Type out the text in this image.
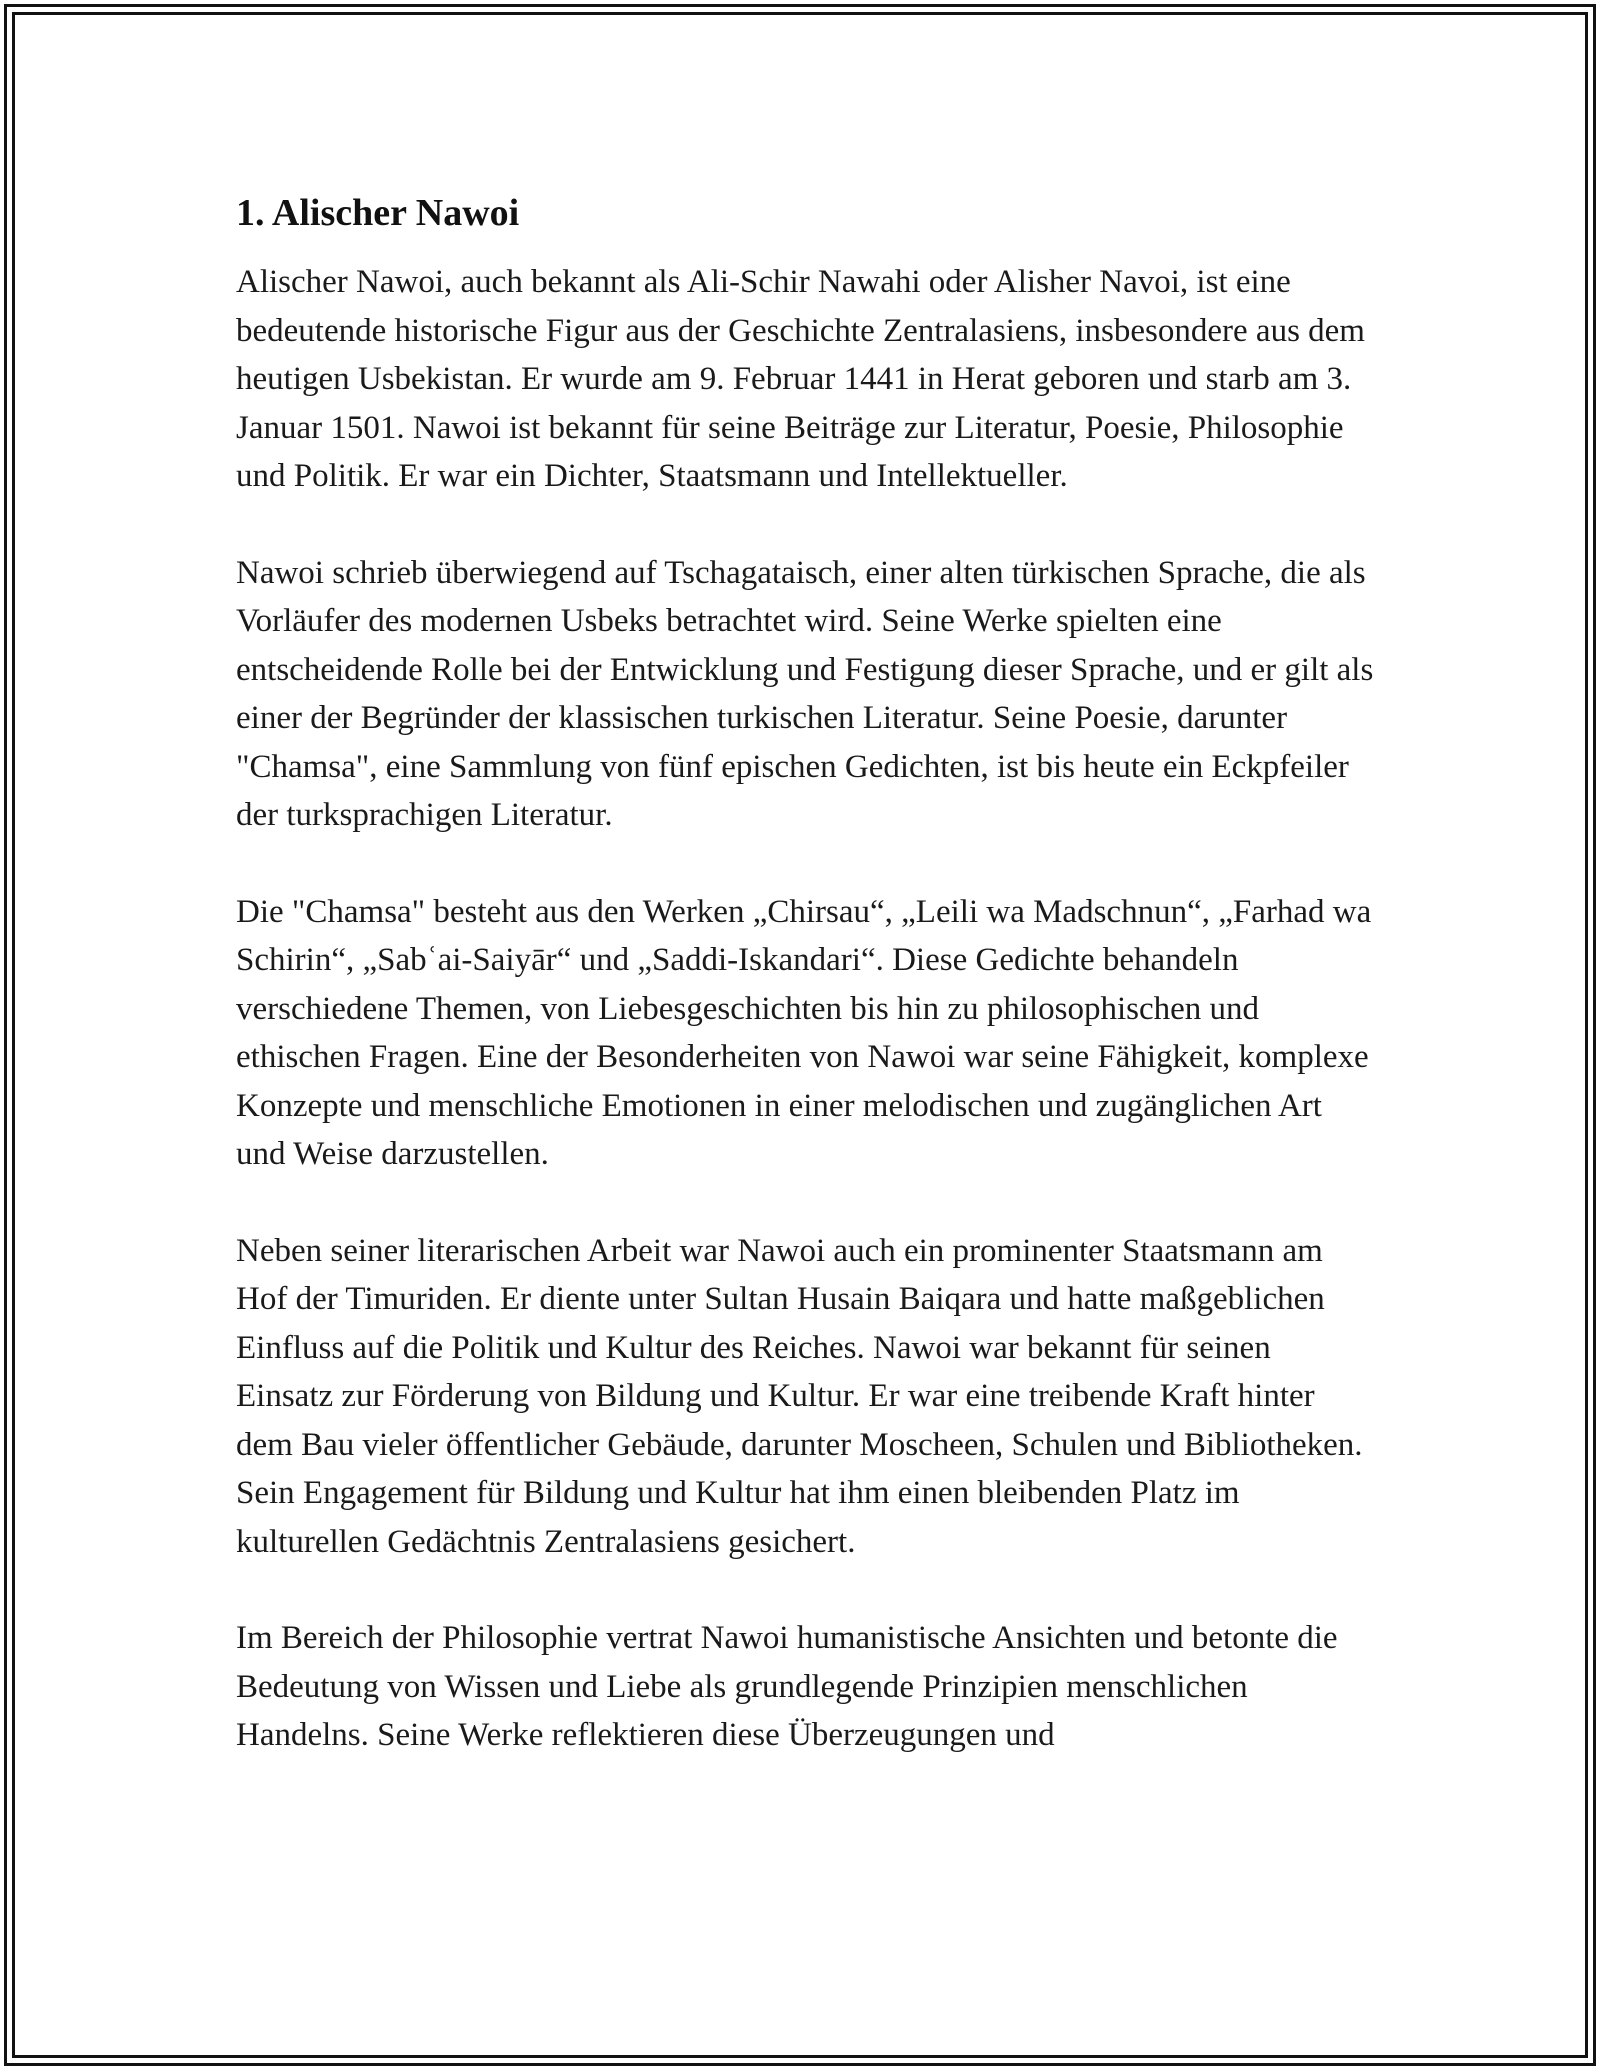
1. Alischer Nawoi

Alischer Nawoi, auch bekannt als Ali-Schir Nawahi oder Alisher Navoi, ist eine bedeutende historische Figur aus der Geschichte Zentralasiens, insbesondere aus dem heutigen Usbekistan. Er wurde am 9. Februar 1441 in Herat geboren und starb am 3. Januar 1501. Nawoi ist bekannt für seine Beiträge zur Literatur, Poesie, Philosophie und Politik. Er war ein Dichter, Staatsmann und Intellektueller.

Nawoi schrieb überwiegend auf Tschagataisch, einer alten türkischen Sprache, die als Vorläufer des modernen Usbeks betrachtet wird. Seine Werke spielten eine entscheidende Rolle bei der Entwicklung und Festigung dieser Sprache, und er gilt als einer der Begründer der klassischen turkischen Literatur. Seine Poesie, darunter "Chamsa", eine Sammlung von fünf epischen Gedichten, ist bis heute ein Eckpfeiler der turksprachigen Literatur.

Die "Chamsa" besteht aus den Werken „Chirsau“, „Leili wa Madschnun“, „Farhad wa Schirin“, „Sabʿai-Saiyār“ und „Saddi-Iskandari“. Diese Gedichte behandeln verschiedene Themen, von Liebesgeschichten bis hin zu philosophischen und ethischen Fragen. Eine der Besonderheiten von Nawoi war seine Fähigkeit, komplexe Konzepte und menschliche Emotionen in einer melodischen und zugänglichen Art und Weise darzustellen.

Neben seiner literarischen Arbeit war Nawoi auch ein prominenter Staatsmann am Hof der Timuriden. Er diente unter Sultan Husain Baiqara und hatte maßgeblichen Einfluss auf die Politik und Kultur des Reiches. Nawoi war bekannt für seinen Einsatz zur Förderung von Bildung und Kultur. Er war eine treibende Kraft hinter dem Bau vieler öffentlicher Gebäude, darunter Moscheen, Schulen und Bibliotheken. Sein Engagement für Bildung und Kultur hat ihm einen bleibenden Platz im kulturellen Gedächtnis Zentralasiens gesichert.

Im Bereich der Philosophie vertrat Nawoi humanistische Ansichten und betonte die Bedeutung von Wissen und Liebe als grundlegende Prinzipien menschlichen Handelns. Seine Werke reflektieren diese Überzeugungen und
